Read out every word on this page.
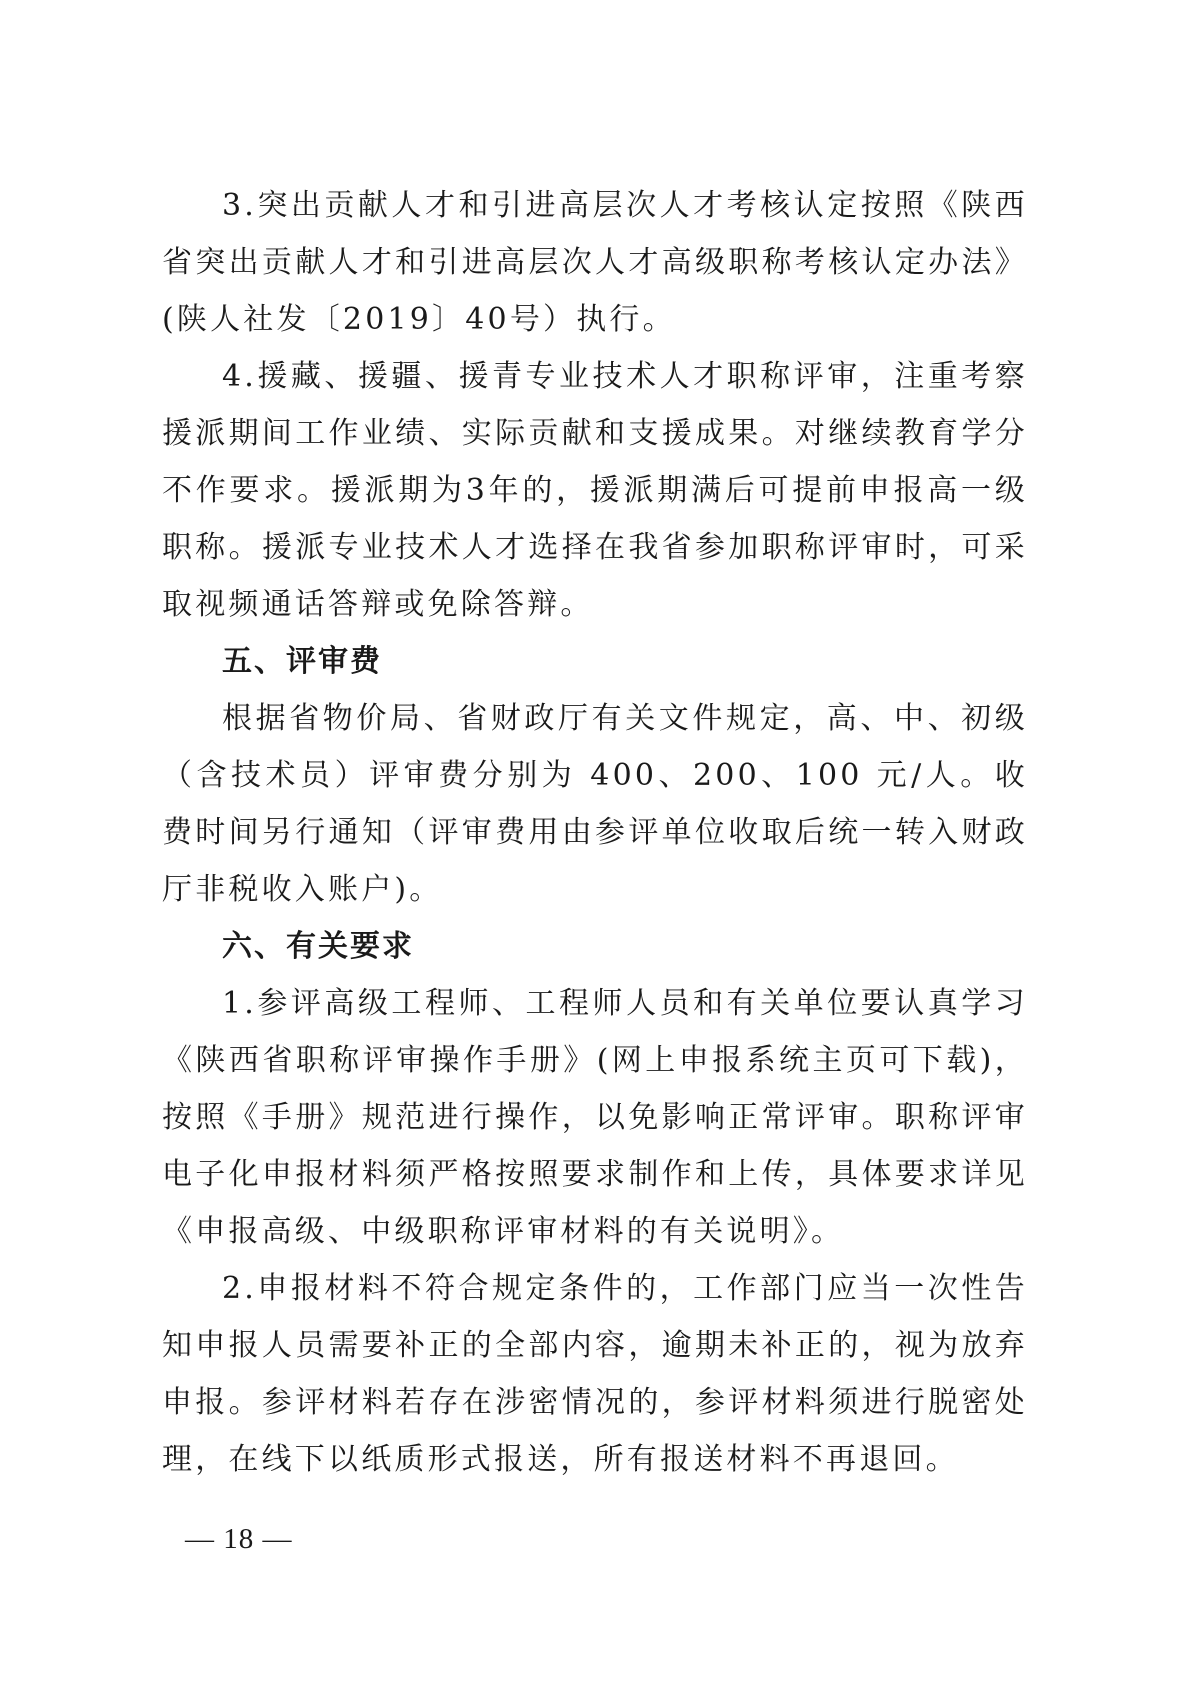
3.突出贡献人才和引进高层次人才考核认定按照《陕西省突出贡献人才和引进高层次人才高级职称考核认定办法》(陕人社发〔2019〕40号）执行。

4.援藏、援疆、援青专业技术人才职称评审，注重考察援派期间工作业绩、实际贡献和支援成果。对继续教育学分不作要求。援派期为3年的，援派期满后可提前申报高一级职称。援派专业技术人才选择在我省参加职称评审时，可采取视频通话答辩或免除答辩。

五、评审费

根据省物价局、省财政厅有关文件规定，高、中、初级（含技术员）评审费分别为 400、200、100 元/人。收费时间另行通知（评审费用由参评单位收取后统一转入财政厅非税收入账户)。

六、有关要求

1.参评高级工程师、工程师人员和有关单位要认真学习《陕西省职称评审操作手册》(网上申报系统主页可下载)，按照《手册》规范进行操作，以免影响正常评审。职称评审电子化申报材料须严格按照要求制作和上传，具体要求详见《申报高级、中级职称评审材料的有关说明》。

2.申报材料不符合规定条件的，工作部门应当一次性告知申报人员需要补正的全部内容，逾期未补正的，视为放弃申报。参评材料若存在涉密情况的，参评材料须进行脱密处理，在线下以纸质形式报送，所有报送材料不再退回。

— 18 —
